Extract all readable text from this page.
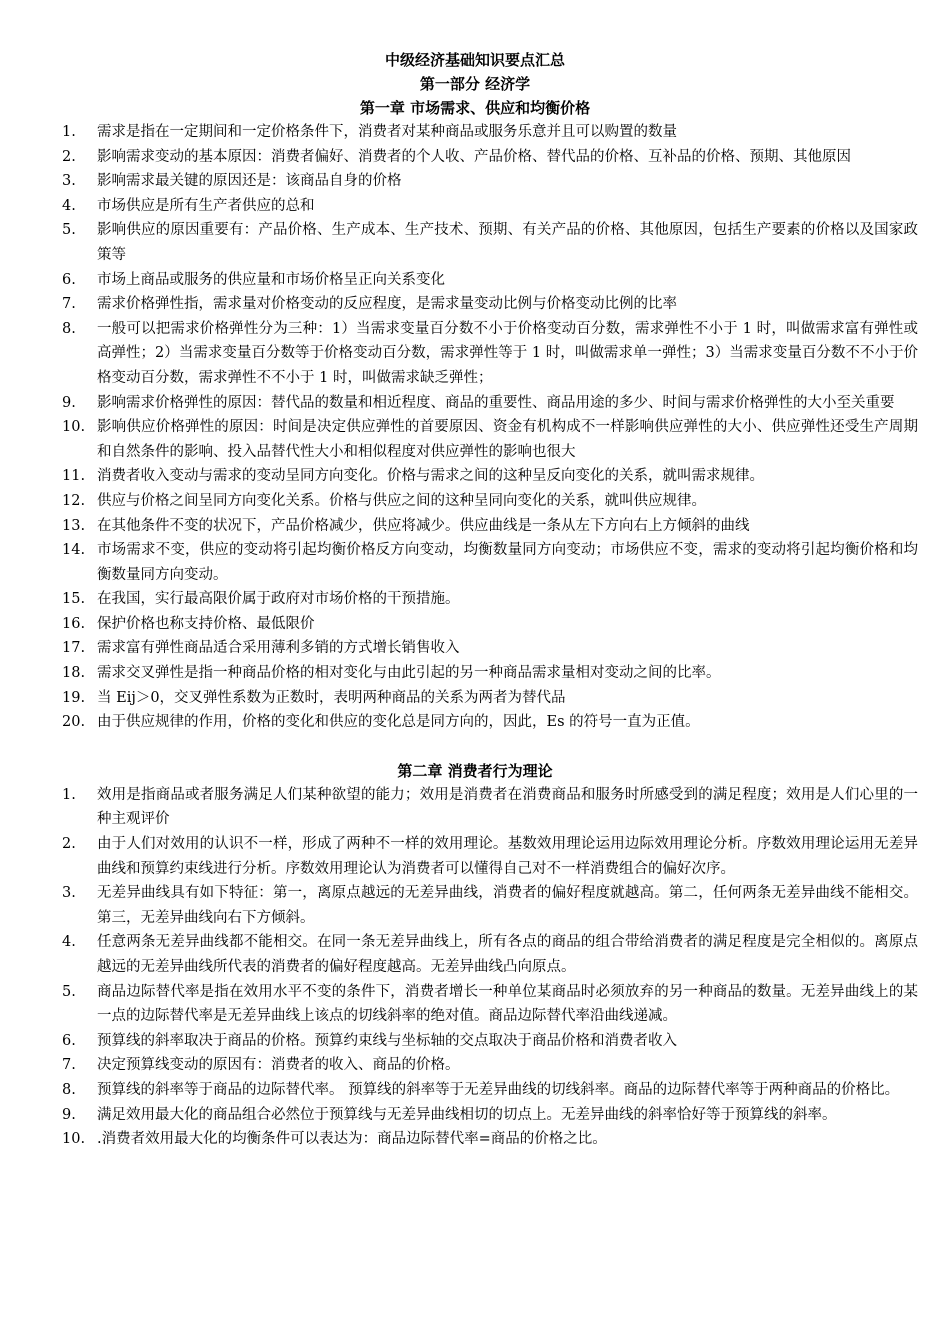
中级经济基础知识要点汇总
第一部分 经济学
第一章 市场需求、供应和均衡价格
1. 需求是指在一定期间和一定价格条件下，消费者对某种商品或服务乐意并且可以购置的数量
2. 影响需求变动的基本原因：消费者偏好、消费者的个人收、产品价格、替代品的价格、互补品的价格、预期、其他原因
3. 影响需求最关键的原因还是：该商品自身的价格
4. 市场供应是所有生产者供应的总和
5. 影响供应的原因重要有：产品价格、生产成本、生产技术、预期、有关产品的价格、其他原因，包括生产要素的价格以及国家政策等
6. 市场上商品或服务的供应量和市场价格呈正向关系变化
7. 需求价格弹性指，需求量对价格变动的反应程度，是需求量变动比例与价格变动比例的比率
8. 一般可以把需求价格弹性分为三种：1）当需求变量百分数不小于价格变动百分数，需求弹性不小于 1 时，叫做需求富有弹性或高弹性；2）当需求变量百分数等于价格变动百分数，需求弹性等于 1 时，叫做需求单一弹性；3）当需求变量百分数不不小于价格变动百分数，需求弹性不不小于 1 时，叫做需求缺乏弹性；
9. 影响需求价格弹性的原因：替代品的数量和相近程度、商品的重要性、商品用途的多少、时间与需求价格弹性的大小至关重要
10. 影响供应价格弹性的原因：时间是决定供应弹性的首要原因、资金有机构成不一样影响供应弹性的大小、供应弹性还受生产周期和自然条件的影响、投入品替代性大小和相似程度对供应弹性的影响也很大
11. 消费者收入变动与需求的变动呈同方向变化。价格与需求之间的这种呈反向变化的关系，就叫需求规律。
12. 供应与价格之间呈同方向变化关系。价格与供应之间的这种呈同向变化的关系，就叫供应规律。
13. 在其他条件不变的状况下，产品价格减少，供应将减少。供应曲线是一条从左下方向右上方倾斜的曲线
14. 市场需求不变，供应的变动将引起均衡价格反方向变动，均衡数量同方向变动；市场供应不变，需求的变动将引起均衡价格和均衡数量同方向变动。
15. 在我国，实行最高限价属于政府对市场价格的干预措施。
16. 保护价格也称支持价格、最低限价
17. 需求富有弹性商品适合采用薄利多销的方式增长销售收入
18. 需求交叉弹性是指一种商品价格的相对变化与由此引起的另一种商品需求量相对变动之间的比率。
19. 当 Eij＞0，交叉弹性系数为正数时，表明两种商品的关系为两者为替代品
20. 由于供应规律的作用，价格的变化和供应的变化总是同方向的，因此，Es 的符号一直为正值。
第二章 消费者行为理论
1. 效用是指商品或者服务满足人们某种欲望的能力；效用是消费者在消费商品和服务时所感受到的满足程度；效用是人们心里的一种主观评价
2. 由于人们对效用的认识不一样，形成了两种不一样的效用理论。基数效用理论运用边际效用理论分析。序数效用理论运用无差异曲线和预算约束线进行分析。序数效用理论认为消费者可以懂得自己对不一样消费组合的偏好次序。
3. 无差异曲线具有如下特征：第一，离原点越远的无差异曲线，消费者的偏好程度就越高。第二，任何两条无差异曲线不能相交。第三，无差异曲线向右下方倾斜。
4. 任意两条无差异曲线都不能相交。在同一条无差异曲线上，所有各点的商品的组合带给消费者的满足程度是完全相似的。离原点越远的无差异曲线所代表的消费者的偏好程度越高。无差异曲线凸向原点。
5. 商品边际替代率是指在效用水平不变的条件下，消费者增长一种单位某商品时必须放弃的另一种商品的数量。无差异曲线上的某一点的边际替代率是无差异曲线上该点的切线斜率的绝对值。商品边际替代率沿曲线递减。
6. 预算线的斜率取决于商品的价格。预算约束线与坐标轴的交点取决于商品价格和消费者收入
7. 决定预算线变动的原因有：消费者的收入、商品的价格。
8. 预算线的斜率等于商品的边际替代率。 预算线的斜率等于无差异曲线的切线斜率。商品的边际替代率等于两种商品的价格比。
9. 满足效用最大化的商品组合必然位于预算线与无差异曲线相切的切点上。无差异曲线的斜率恰好等于预算线的斜率。
10. .消费者效用最大化的均衡条件可以表达为：商品边际替代率=商品的价格之比。
